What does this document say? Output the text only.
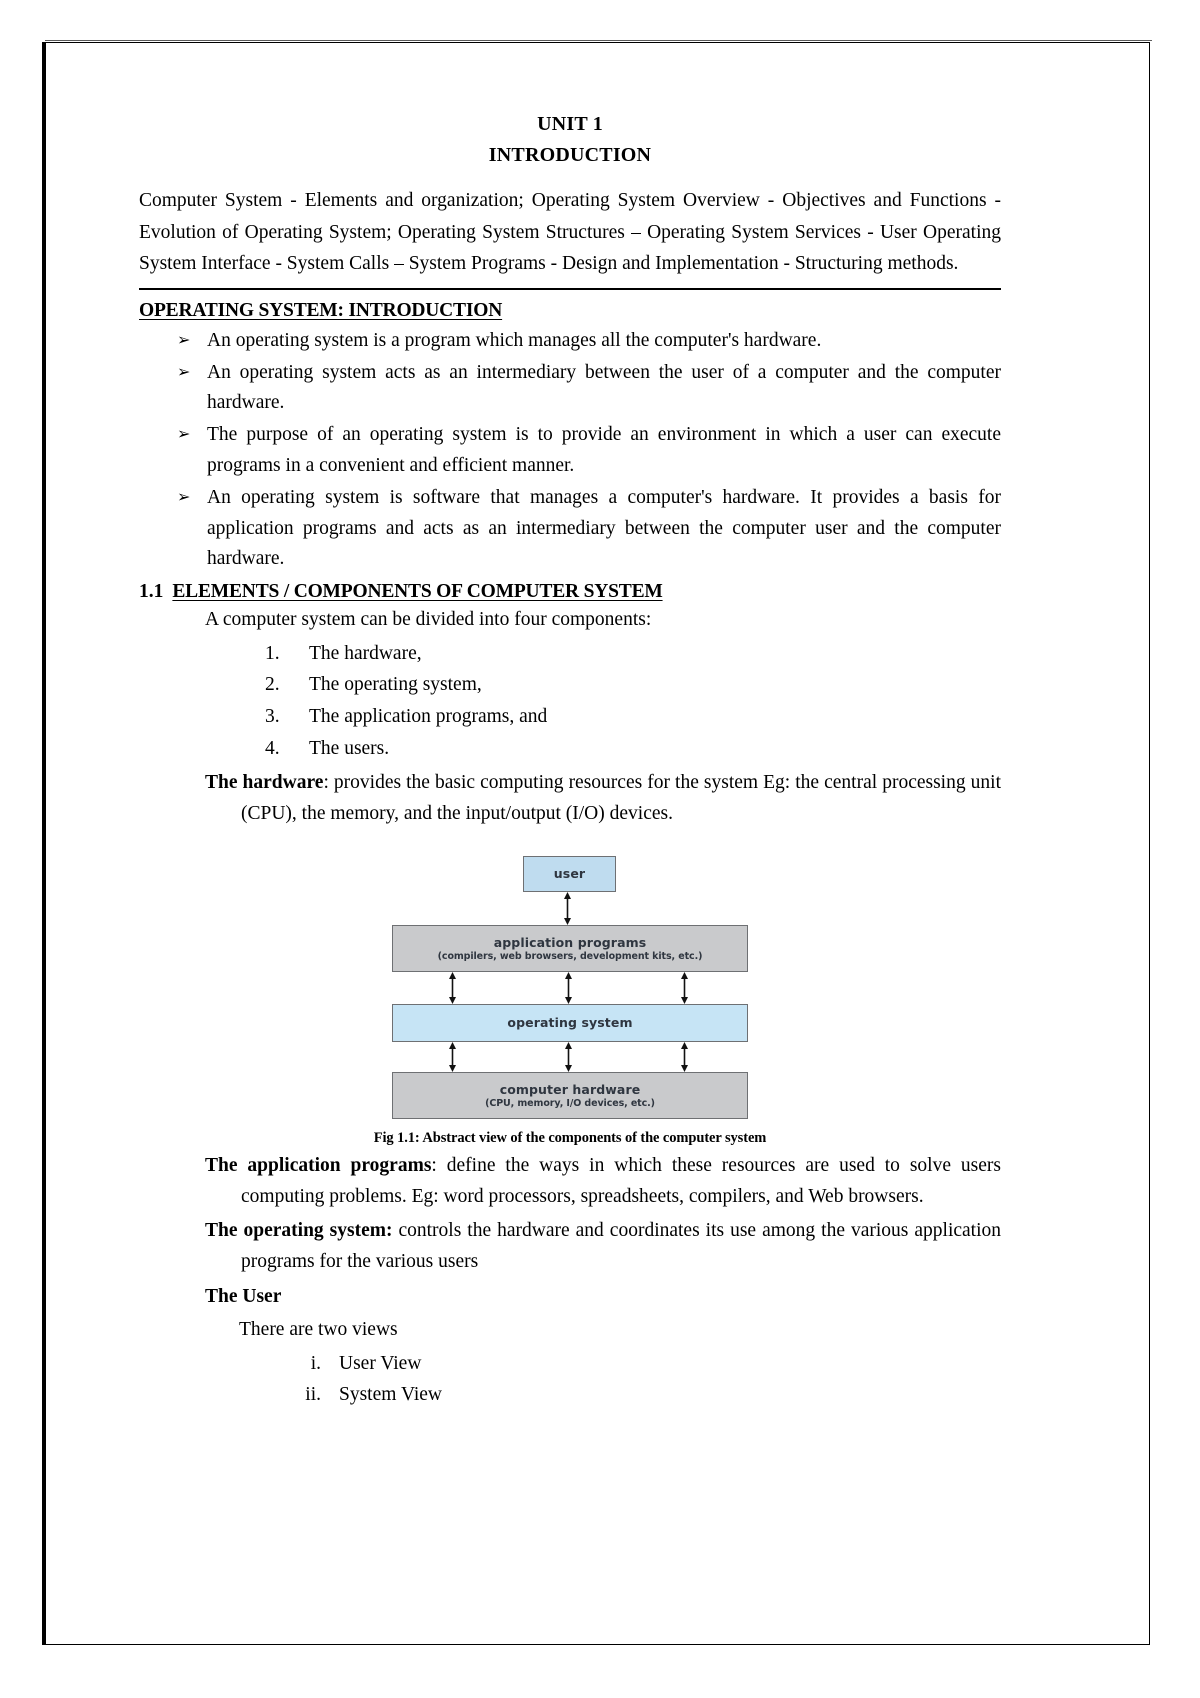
UNIT 1
INTRODUCTION

Computer System - Elements and organization; Operating System Overview - Objectives and Functions - Evolution of Operating System; Operating System Structures – Operating System Services - User Operating System Interface - System Calls – System Programs - Design and Implementation - Structuring methods.

OPERATING SYSTEM: INTRODUCTION
➢ An operating system is a program which manages all the computer's hardware.
➢ An operating system acts as an intermediary between the user of a computer and the computer hardware.
➢ The purpose of an operating system is to provide an environment in which a user can execute programs in a convenient and efficient manner.
➢ An operating system is software that manages a computer's hardware. It provides a basis for application programs and acts as an intermediary between the computer user and the computer hardware.
1.1 ELEMENTS / COMPONENTS OF COMPUTER SYSTEM
A computer system can be divided into four components:
1.	The hardware,
2.	The operating system,
3.	The application programs, and
4.	The users.

The hardware: provides the basic computing resources for the system Eg: the central processing unit (CPU), the memory, and the input/output (I/O) devices.

user
application programs
(compilers, web browsers, development kits, etc.)
operating system
computer hardware
(CPU, memory, I/O devices, etc.)
Fig 1.1: Abstract view of the components of the computer system

The application programs: define the ways in which these resources are used to solve users computing problems. Eg: word processors, spreadsheets, compilers, and Web browsers.

The operating system: controls the hardware and coordinates its use among the various application programs for the various users

The User
There are two views
i. User View
ii. System View
